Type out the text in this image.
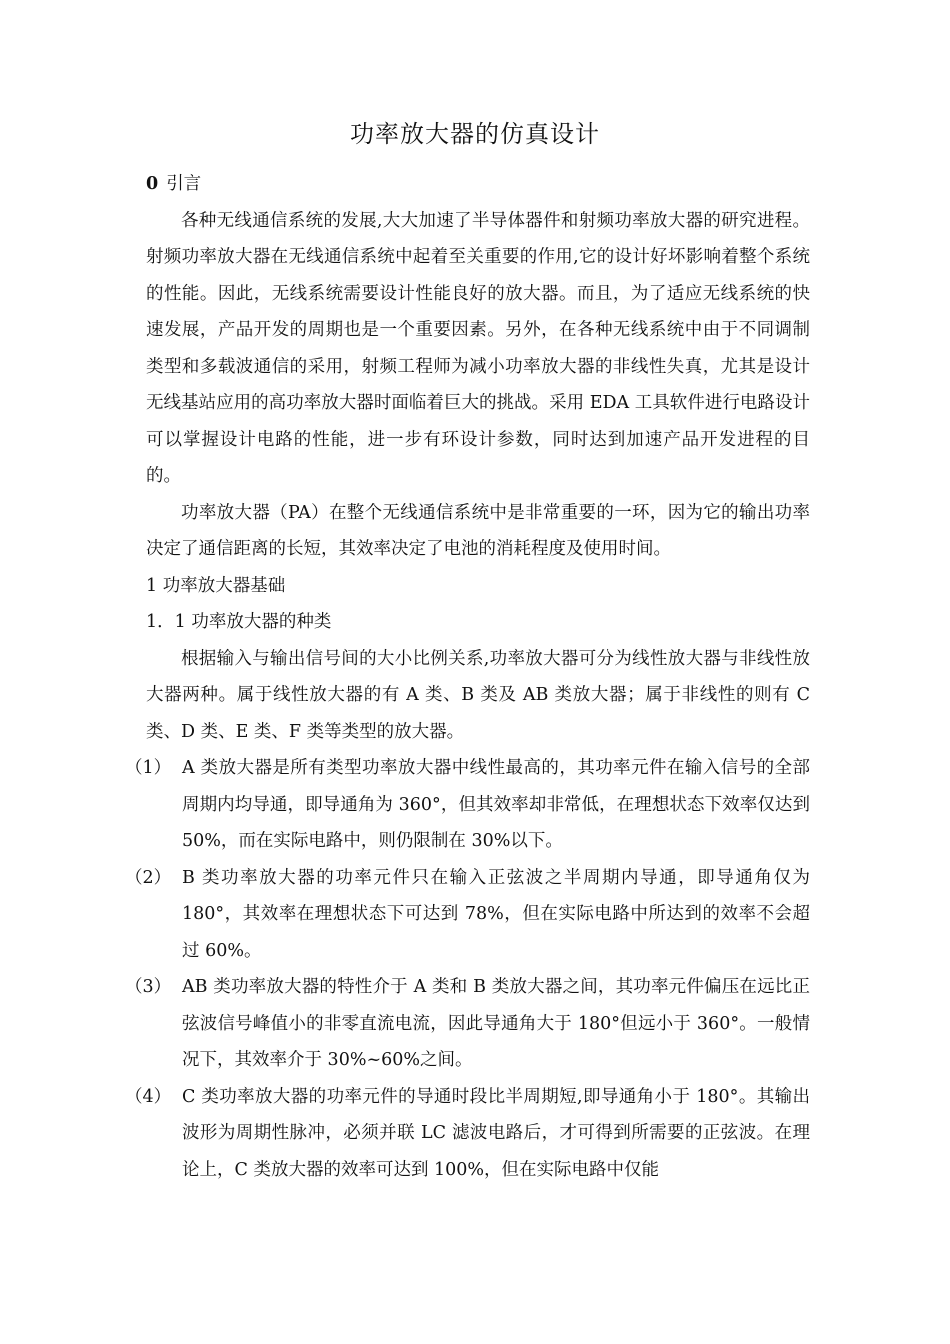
功率放大器的仿真设计

0 引言

各种无线通信系统的发展,大大加速了半导体器件和射频功率放大器的研究进程。射频功率放大器在无线通信系统中起着至关重要的作用,它的设计好坏影响着整个系统的性能。因此，无线系统需要设计性能良好的放大器。而且，为了适应无线系统的快速发展，产品开发的周期也是一个重要因素。另外，在各种无线系统中由于不同调制类型和多载波通信的采用，射频工程师为减小功率放大器的非线性失真，尤其是设计无线基站应用的高功率放大器时面临着巨大的挑战。采用 EDA 工具软件进行电路设计可以掌握设计电路的性能，进一步有环设计参数，同时达到加速产品开发进程的目的。

功率放大器（PA）在整个无线通信系统中是非常重要的一环，因为它的输出功率决定了通信距离的长短，其效率决定了电池的消耗程度及使用时间。

1 功率放大器基础

1．1 功率放大器的种类

根据输入与输出信号间的大小比例关系,功率放大器可分为线性放大器与非线性放大器两种。属于线性放大器的有 A 类、B 类及 AB 类放大器；属于非线性的则有 C 类、D 类、E 类、F 类等类型的放大器。

（1） A 类放大器是所有类型功率放大器中线性最高的，其功率元件在输入信号的全部周期内均导通，即导通角为 360°，但其效率却非常低，在理想状态下效率仅达到 50%，而在实际电路中，则仍限制在 30%以下。
（2） B 类功率放大器的功率元件只在输入正弦波之半周期内导通，即导通角仅为 180°，其效率在理想状态下可达到 78%，但在实际电路中所达到的效率不会超过 60%。
（3） AB 类功率放大器的特性介于 A 类和 B 类放大器之间，其功率元件偏压在远比正弦波信号峰值小的非零直流电流，因此导通角大于 180°但远小于 360°。一般情况下，其效率介于 30%~60%之间。
（4） C 类功率放大器的功率元件的导通时段比半周期短,即导通角小于 180°。其输出波形为周期性脉冲，必须并联 LC 滤波电路后，才可得到所需要的正弦波。在理论上，C 类放大器的效率可达到 100%，但在实际电路中仅能
